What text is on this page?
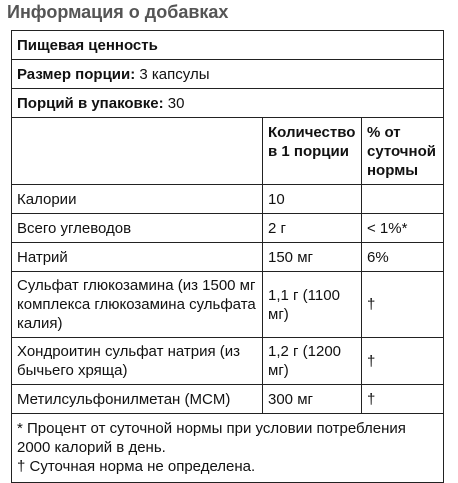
Информация о добавках
Пищевая ценность		
Размер порции: 3 капсулы		
Порций в упаковке: 30		
	Количество в 1 порции	% от суточной нормы
Калории	10	
Всего углеводов	2 г	< 1%*
Натрий	150 мг	6%
Сульфат глюкозамина (из 1500 мг комплекса глюкозамина сульфата калия)	1,1 г (1100 мг)	†
Хондроитин сульфат натрия (из бычьего хряща)	1,2 г (1200 мг)	†
Метилсульфонилметан (MCM)	300 мг	†

* Процент от суточной нормы при условии потребления 2000 калорий в день.
† Суточная норма не определена.		
